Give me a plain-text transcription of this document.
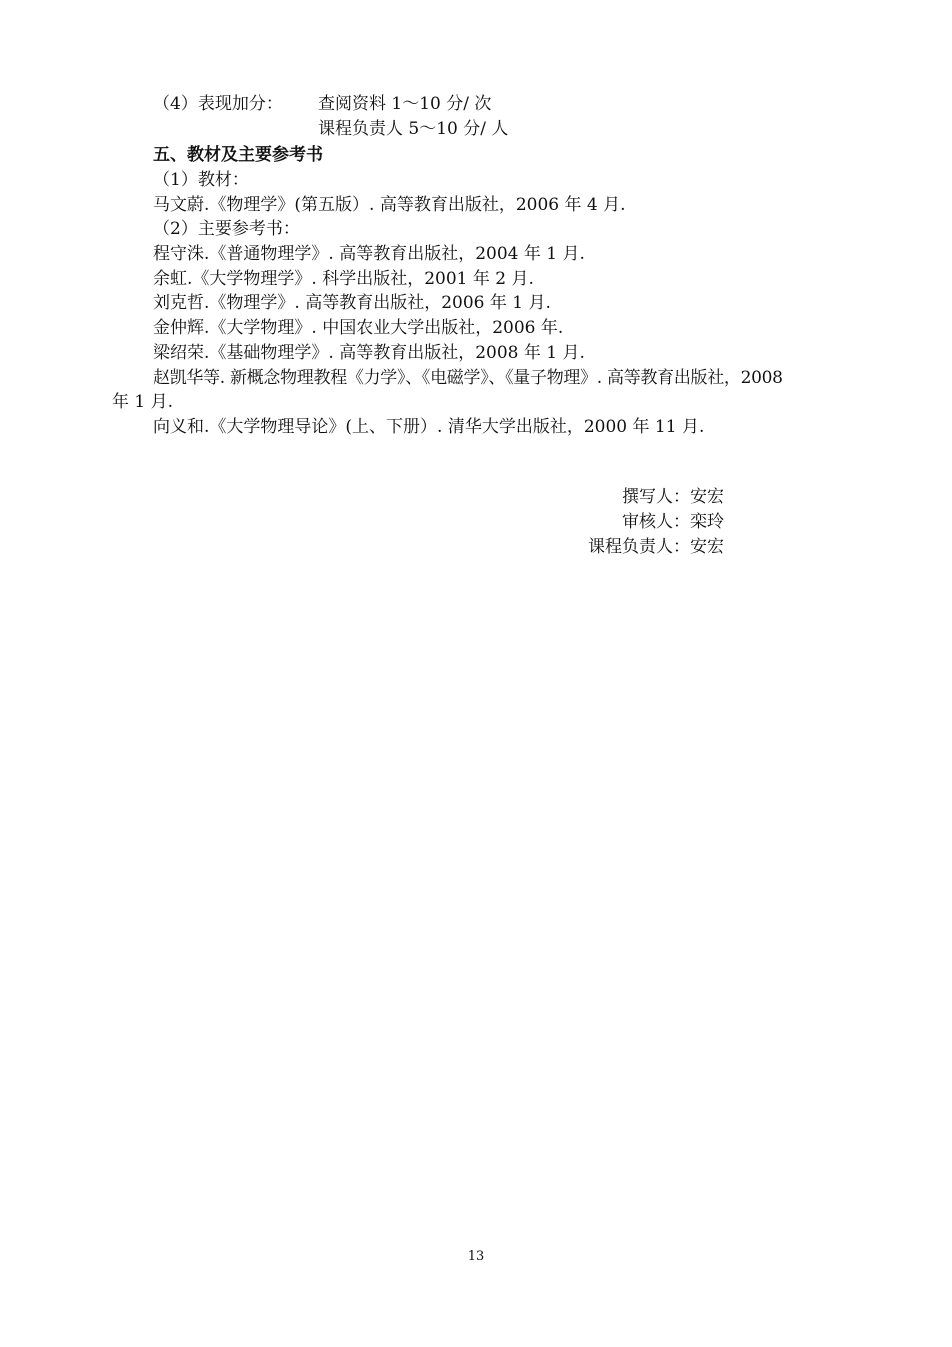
（4）表现加分： 查阅资料 1～10 分/ 次
课程负责人 5～10 分/ 人
五、教材及主要参考书
（1）教材：
马文蔚.《物理学》(第五版）. 高等教育出版社，2006 年 4 月.
（2）主要参考书：
程守洙.《普通物理学》. 高等教育出版社，2004 年 1 月.
余虹.《大学物理学》. 科学出版社，2001 年 2 月.
刘克哲.《物理学》. 高等教育出版社，2006 年 1 月.
金仲辉.《大学物理》. 中国农业大学出版社，2006 年.
梁绍荣.《基础物理学》. 高等教育出版社，2008 年 1 月.
赵凯华等. 新概念物理教程《力学》、《电磁学》、《量子物理》. 高等教育出版社，2008
年 1 月.
向义和.《大学物理导论》(上、下册）. 清华大学出版社，2000 年 11 月.
撰写人：安宏
审核人：栾玲
课程负责人：安宏
13
